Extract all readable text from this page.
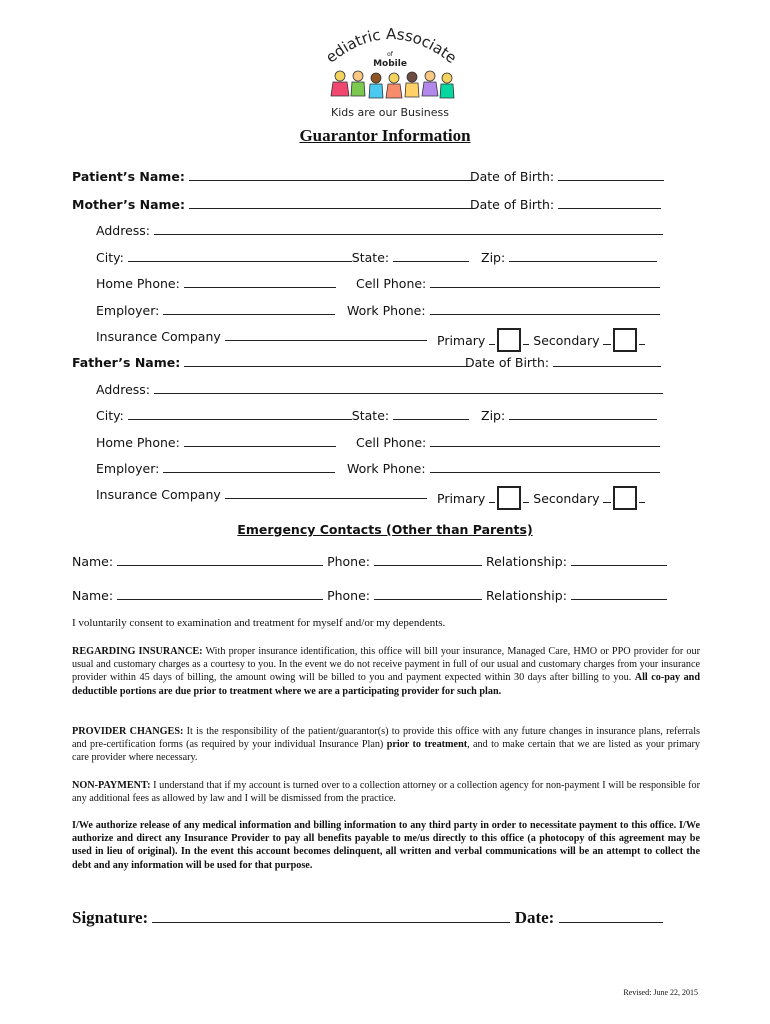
ediatric Associate
of
Mobile
Kids are our Business
Guarantor Information
Patient’s Name:	Date of Birth:
Mother’s Name:	Date of Birth:
Address:
City:	State:	Zip:
Home Phone:	Cell Phone:
Employer:	Work Phone:
Insurance Company	Primary	Secondary
Father’s Name:	Date of Birth:
Address:
City:	State:	Zip:
Home Phone:	Cell Phone:
Employer:	Work Phone:
Insurance Company	Primary	Secondary
Emergency Contacts (Other than Parents)
Name:	Phone:	Relationship:
Name:	Phone:	Relationship:
I voluntarily consent to examination and treatment for myself and/or my dependents.
REGARDING INSURANCE: With proper insurance identification, this office will bill your insurance, Managed Care, HMO or PPO provider for our usual and customary charges as a courtesy to you. In the event we do not receive payment in full of our usual and customary charges from your insurance provider within 45 days of billing, the amount owing will be billed to you and payment expected within 30 days after billing to you. All co-pay and deductible portions are due prior to treatment where we are a participating provider for such plan.
PROVIDER CHANGES: It is the responsibility of the patient/guarantor(s) to provide this office with any future changes in insurance plans, referrals and pre-certification forms (as required by your individual Insurance Plan) prior to treatment, and to make certain that we are listed as your primary care provider where necessary.
NON-PAYMENT: I understand that if my account is turned over to a collection attorney or a collection agency for non-payment I will be responsible for any additional fees as allowed by law and I will be dismissed from the practice.
I/We authorize release of any medical information and billing information to any third party in order to necessitate payment to this office. I/We authorize and direct any Insurance Provider to pay all benefits payable to me/us directly to this office (a photocopy of this agreement may be used in lieu of original). In the event this account becomes delinquent, all written and verbal communications will be an attempt to collect the debt and any information will be used for that purpose.
Signature:	Date:
Revised: June 22, 2015
